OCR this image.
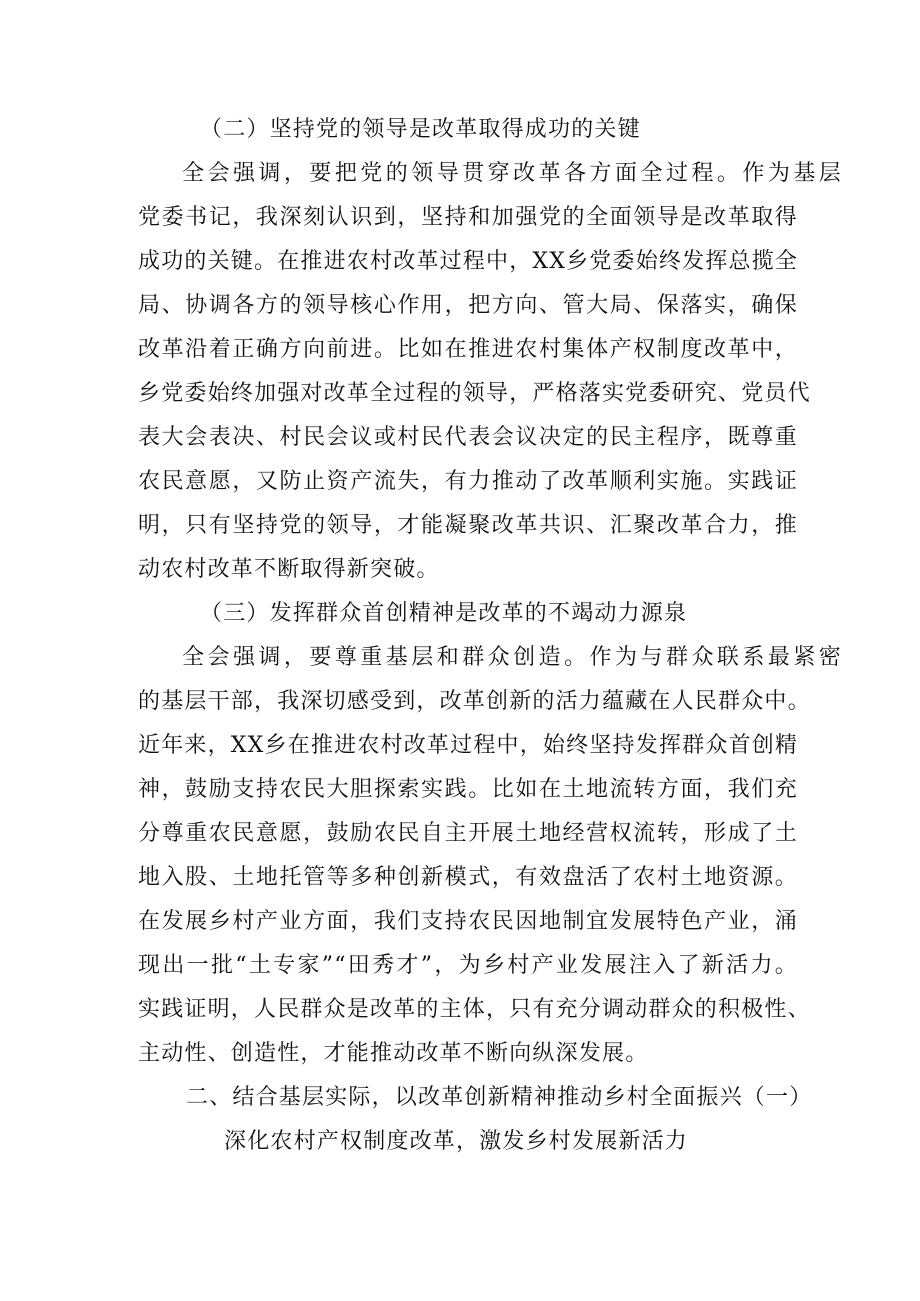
（二）坚持党的领导是改革取得成功的关键
全会强调，要把党的领导贯穿改革各方面全过程。作为基层
党委书记，我深刻认识到，坚持和加强党的全面领导是改革取得
成功的关键。在推进农村改革过程中，XX乡党委始终发挥总揽全
局、协调各方的领导核心作用，把方向、管大局、保落实，确保
改革沿着正确方向前进。比如在推进农村集体产权制度改革中，
乡党委始终加强对改革全过程的领导，严格落实党委研究、党员代
表大会表决、村民会议或村民代表会议决定的民主程序，既尊重
农民意愿，又防止资产流失，有力推动了改革顺利实施。实践证
明，只有坚持党的领导，才能凝聚改革共识、汇聚改革合力，推
动农村改革不断取得新突破。
（三）发挥群众首创精神是改革的不竭动力源泉
全会强调，要尊重基层和群众创造。作为与群众联系最紧密
的基层干部，我深切感受到，改革创新的活力蕴藏在人民群众中。
近年来，XX乡在推进农村改革过程中，始终坚持发挥群众首创精
神，鼓励支持农民大胆探索实践。比如在土地流转方面，我们充
分尊重农民意愿，鼓励农民自主开展土地经营权流转，形成了土
地入股、土地托管等多种创新模式，有效盘活了农村土地资源。
在发展乡村产业方面，我们支持农民因地制宜发展特色产业，涌
现出一批“土专家”“田秀才”，为乡村产业发展注入了新活力。
实践证明，人民群众是改革的主体，只有充分调动群众的积极性、
主动性、创造性，才能推动改革不断向纵深发展。
二、结合基层实际，以改革创新精神推动乡村全面振兴（一）
深化农村产权制度改革，激发乡村发展新活力
